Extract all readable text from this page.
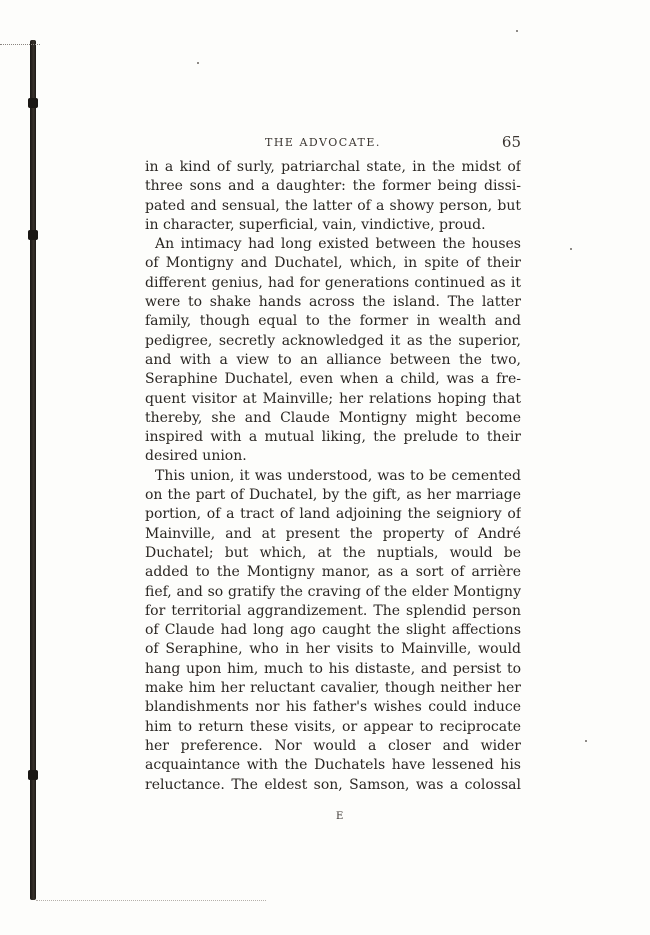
THE ADVOCATE.	65
in a kind of surly, patriarchal state, in the midst of
three sons and a daughter: the former being dissi-
pated and sensual, the latter of a showy person, but
in character, superficial, vain, vindictive, proud.
An intimacy had long existed between the houses
of Montigny and Duchatel, which, in spite of their
different genius, had for generations continued as it
were to shake hands across the island. The latter
family, though equal to the former in wealth and
pedigree, secretly acknowledged it as the superior,
and with a view to an alliance between the two,
Seraphine Duchatel, even when a child, was a fre-
quent visitor at Mainville; her relations hoping that
thereby, she and Claude Montigny might become
inspired with a mutual liking, the prelude to their
desired union.
This union, it was understood, was to be cemented
on the part of Duchatel, by the gift, as her marriage
portion, of a tract of land adjoining the seigniory of
Mainville, and at present the property of André
Duchatel; but which, at the nuptials, would be
added to the Montigny manor, as a sort of arrière
fief, and so gratify the craving of the elder Montigny
for territorial aggrandizement. The splendid person
of Claude had long ago caught the slight affections
of Seraphine, who in her visits to Mainville, would
hang upon him, much to his distaste, and persist to
make him her reluctant cavalier, though neither her
blandishments nor his father's wishes could induce
him to return these visits, or appear to reciprocate
her preference. Nor would a closer and wider
acquaintance with the Duchatels have lessened his
reluctance. The eldest son, Samson, was a colossal
E
